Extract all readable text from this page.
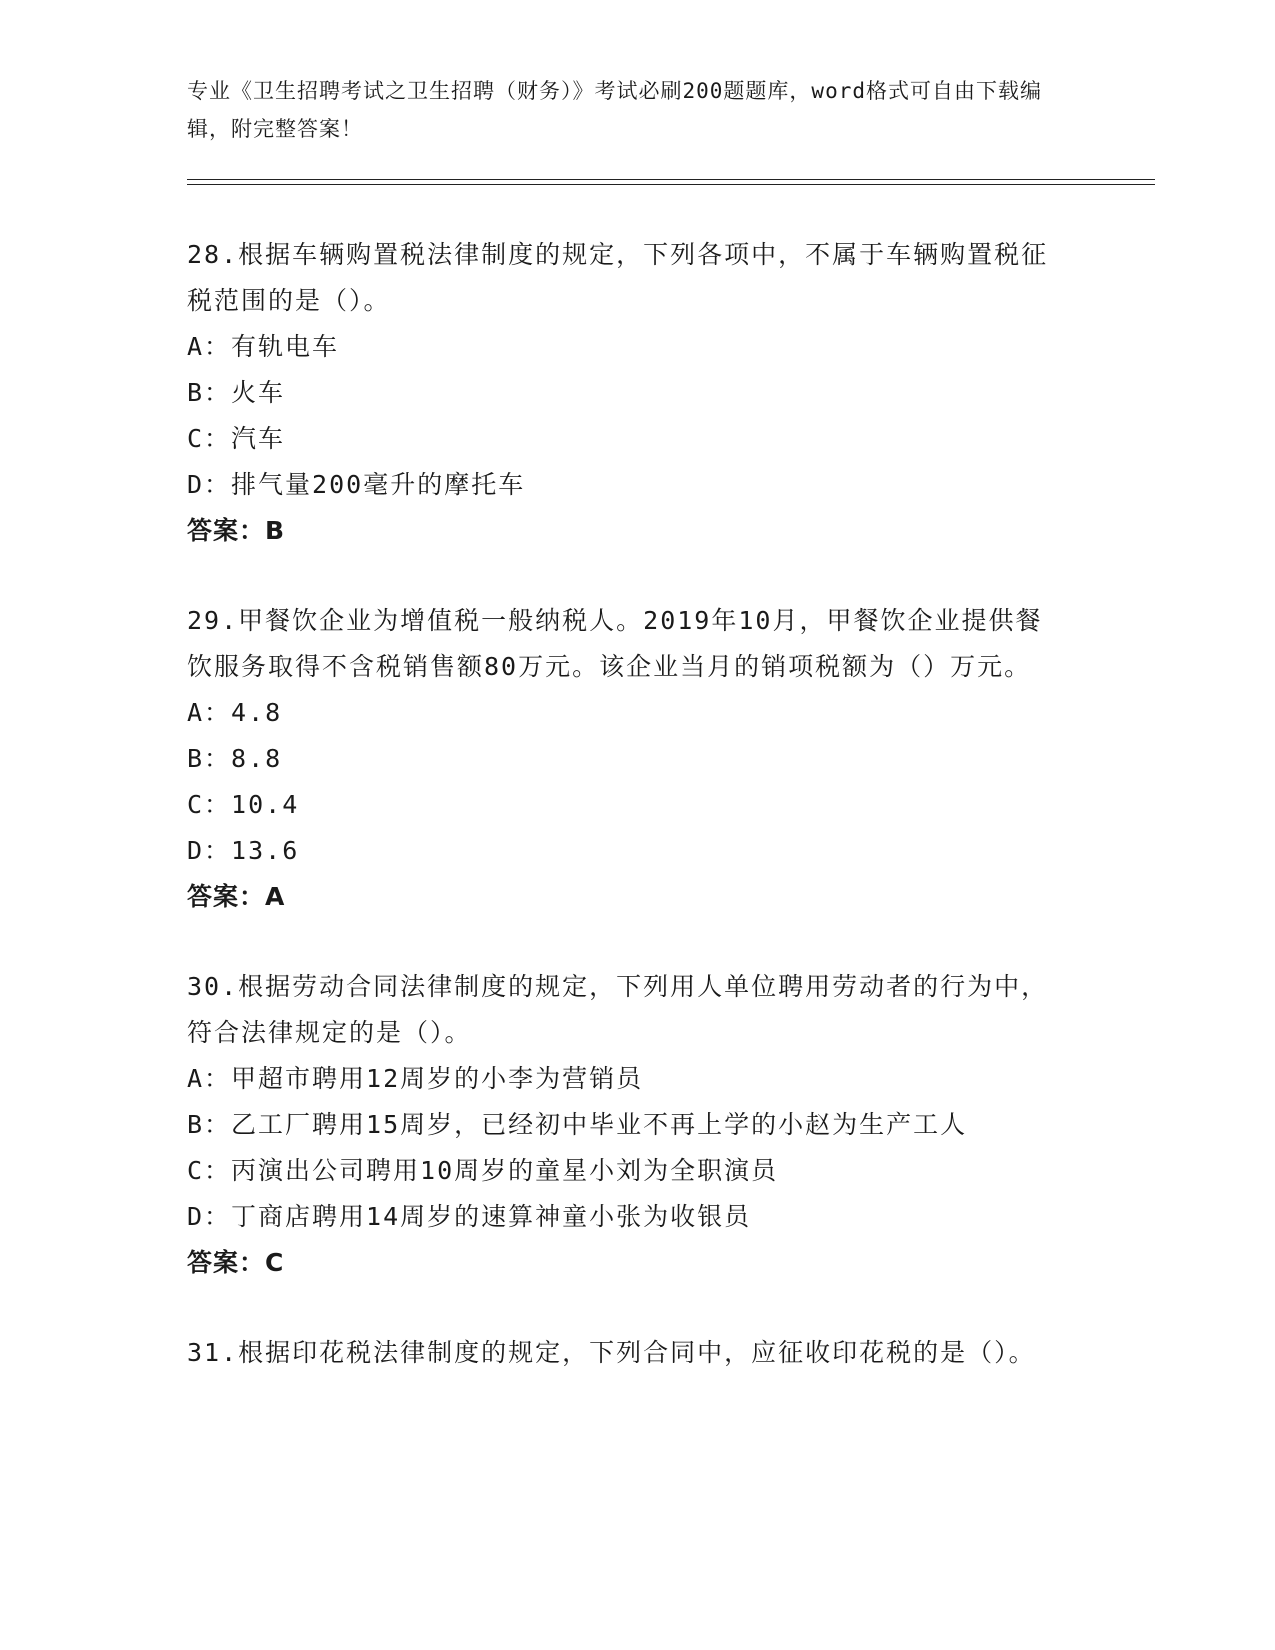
专业《卫生招聘考试之卫生招聘（财务）》考试必刷200题题库，word格式可自由下载编辑，附完整答案！

28.根据车辆购置税法律制度的规定，下列各项中，不属于车辆购置税征税范围的是（）。

A：有轨电车

B：火车

C：汽车

D：排气量200毫升的摩托车

答案：B

29.甲餐饮企业为增值税一般纳税人。2019年10月，甲餐饮企业提供餐饮服务取得不含税销售额80万元。该企业当月的销项税额为（）万元。

A：4.8

B：8.8

C：10.4

D：13.6

答案：A

30.根据劳动合同法律制度的规定，下列用人单位聘用劳动者的行为中，符合法律规定的是（）。

A：甲超市聘用12周岁的小李为营销员

B：乙工厂聘用15周岁，已经初中毕业不再上学的小赵为生产工人

C：丙演出公司聘用10周岁的童星小刘为全职演员

D：丁商店聘用14周岁的速算神童小张为收银员

答案：C

31.根据印花税法律制度的规定，下列合同中，应征收印花税的是（）。
